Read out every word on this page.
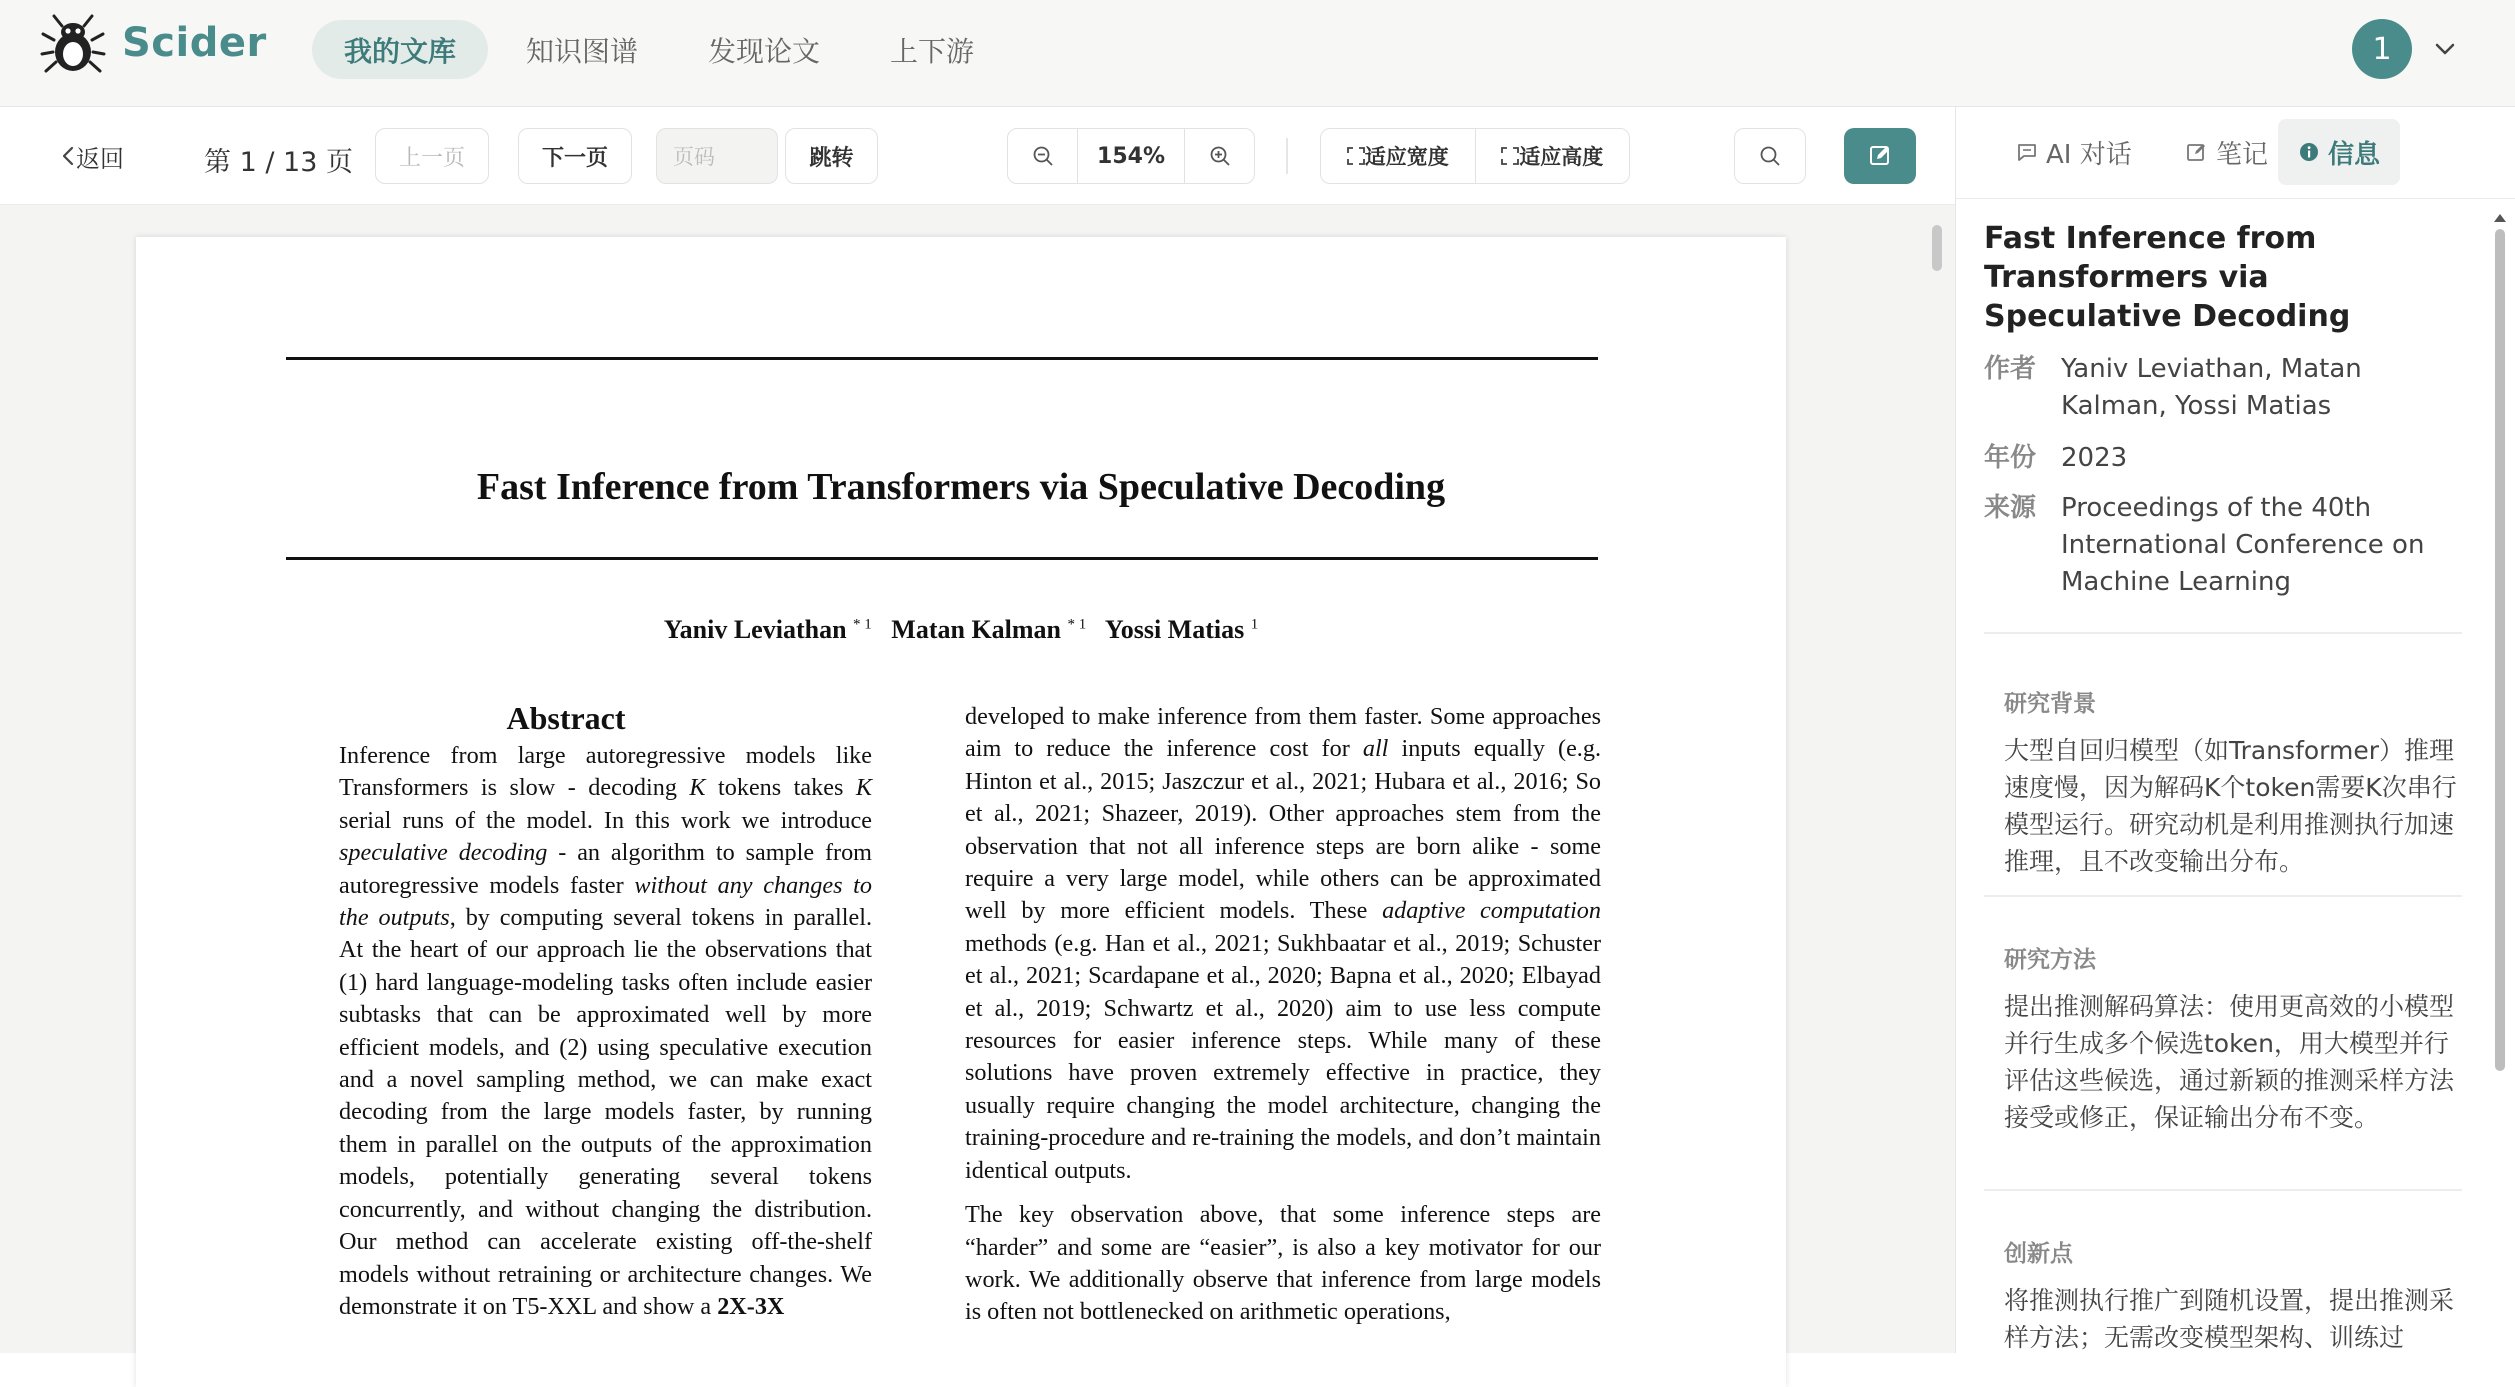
Scider	我的文库	知识图谱	发现论文	上下游	1
返回	第 1 / 13 页	上一页	下一页	页码	跳转	154%	适应宽度	适应高度
Fast Inference from Transformers via Speculative Decoding
Yaniv Leviathan $^{* 1}$ Matan Kalman $^{* 1}$ Yossi Matias $^1$
Abstract

Inference from large autoregressive models like Transformers is slow - decoding K tokens takes K serial runs of the model. In this work we introduce speculative decoding - an algorithm to sample from autoregressive models faster without any changes to the outputs, by computing several tokens in parallel. At the heart of our approach lie the observations that (1) hard language-modeling tasks often include easier subtasks that can be approximated well by more efficient models, and (2) using speculative execution and a novel sampling method, we can make exact decoding from the large models faster, by running them in parallel on the outputs of the approximation models, potentially generating several tokens concurrently, and without changing the distribution. Our method can accelerate existing off-the-shelf models without retraining or architecture changes. We demonstrate it on T5-XXL and show a 2X-3X

developed to make inference from them faster. Some approaches aim to reduce the inference cost for all inputs equally (e.g. Hinton et al., 2015; Jaszczur et al., 2021; Hubara et al., 2016; So et al., 2021; Shazeer, 2019). Other approaches stem from the observation that not all inference steps are born alike - some require a very large model, while others can be approximated well by more efficient models. These adaptive computation methods (e.g. Han et al., 2021; Sukhbaatar et al., 2019; Schuster et al., 2021; Scardapane et al., 2020; Bapna et al., 2020; Elbayad et al., 2019; Schwartz et al., 2020) aim to use less compute resources for easier inference steps. While many of these solutions have proven extremely effective in practice, they usually require changing the model architecture, changing the training-procedure and re-training the models, and don’t maintain identical outputs.

The key observation above, that some inference steps are “harder” and some are “easier”, is also a key motivator for our work. We additionally observe that inference from large models is often not bottlenecked on arithmetic operations,

AI 对话	笔记 信息
Fast Inference from Transformers via Speculative Decoding
作者 Yaniv Leviathan, Matan Kalman, Yossi Matias
年份 2023
来源 Proceedings of the 40th International Conference on Machine Learning
研究背景
大型自回归模型（如Transformer）推理速度慢，因为解码K个token需要K次串行模型运行。研究动机是利用推测执行加速推理，且不改变输出分布。
研究方法
提出推测解码算法：使用更高效的小模型并行生成多个候选token，用大模型并行评估这些候选，通过新颖的推测采样方法接受或修正，保证输出分布不变。
创新点
将推测执行推广到随机设置，提出推测采样方法；无需改变模型架构、训练过
